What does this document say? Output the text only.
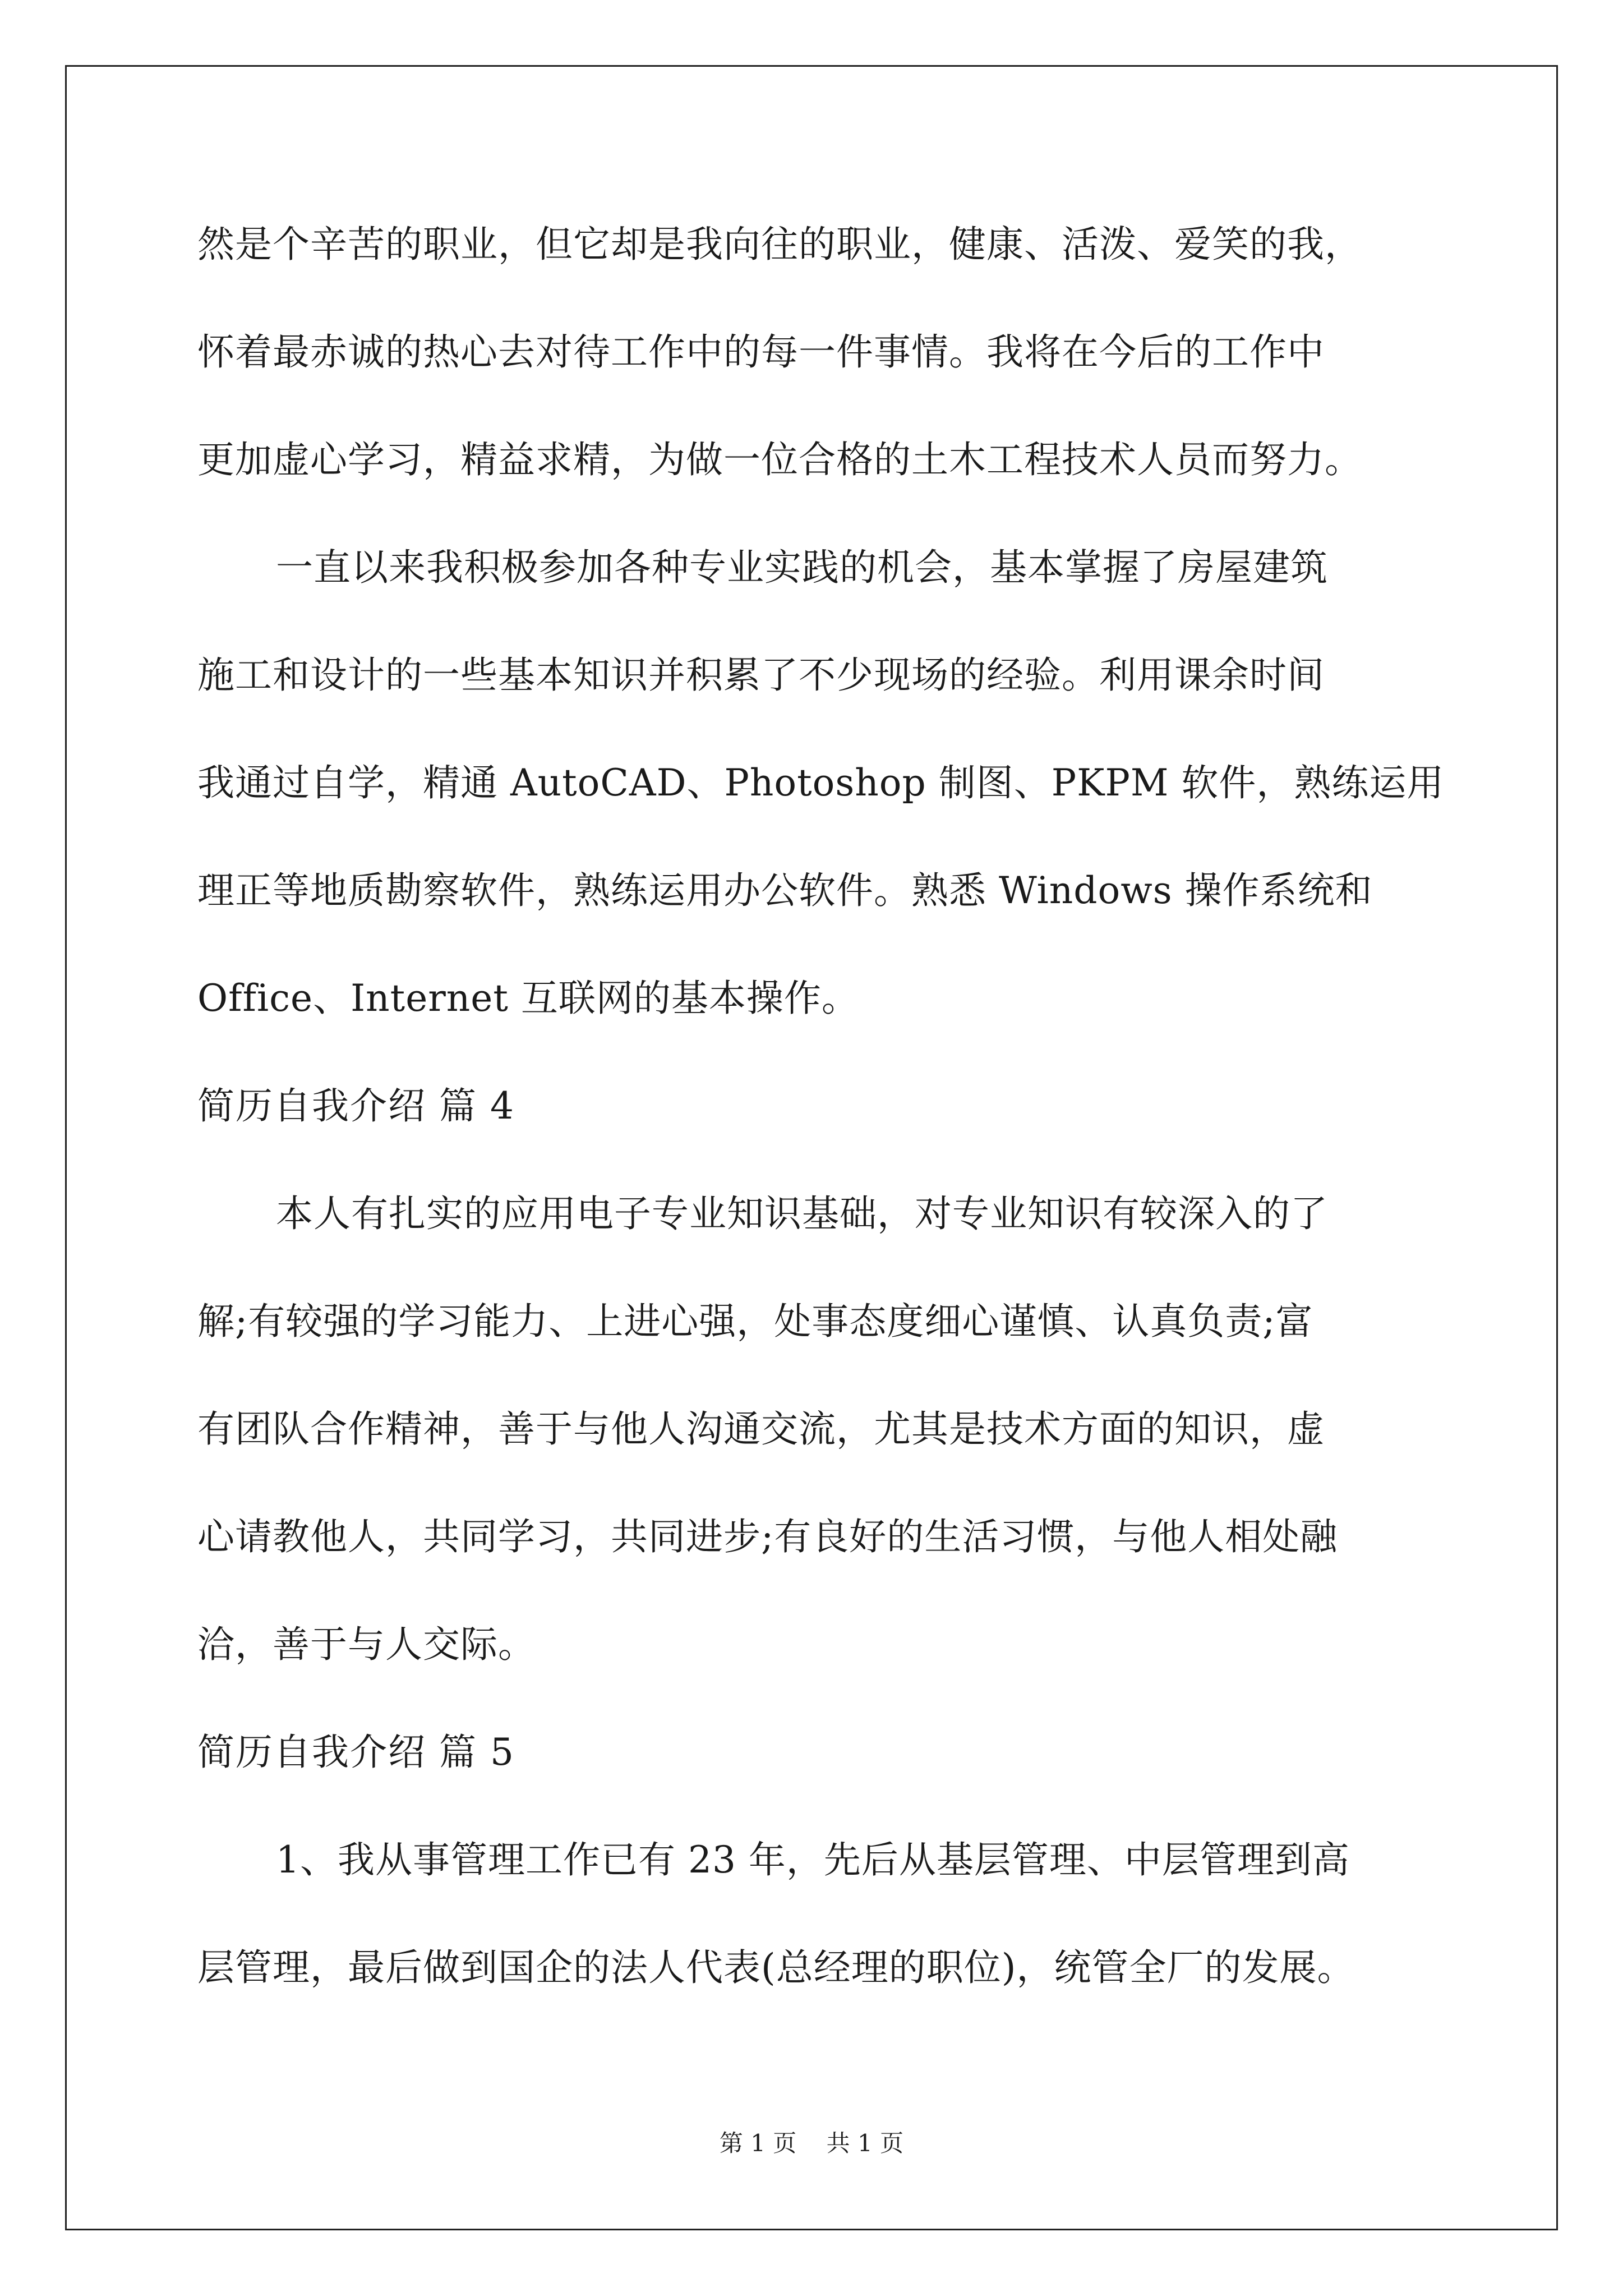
然是个辛苦的职业，但它却是我向往的职业，健康、活泼、爱笑的我，
怀着最赤诚的热心去对待工作中的每一件事情。我将在今后的工作中
更加虚心学习，精益求精，为做一位合格的土木工程技术人员而努力。
一直以来我积极参加各种专业实践的机会，基本掌握了房屋建筑
施工和设计的一些基本知识并积累了不少现场的经验。利用课余时间
我通过自学，精通 AutoCAD、Photoshop 制图、PKPM 软件，熟练运用
理正等地质勘察软件，熟练运用办公软件。熟悉 Windows 操作系统和
Office、Internet 互联网的基本操作。
简历自我介绍 篇 4
本人有扎实的应用电子专业知识基础，对专业知识有较深入的了
解;有较强的学习能力、上进心强，处事态度细心谨慎、认真负责;富
有团队合作精神，善于与他人沟通交流，尤其是技术方面的知识，虚
心请教他人，共同学习，共同进步;有良好的生活习惯，与他人相处融
洽，善于与人交际。
简历自我介绍 篇 5
1、我从事管理工作已有 23 年，先后从基层管理、中层管理到高
层管理，最后做到国企的法人代表(总经理的职位)，统管全厂的发展。
第 1 页 共 1 页
